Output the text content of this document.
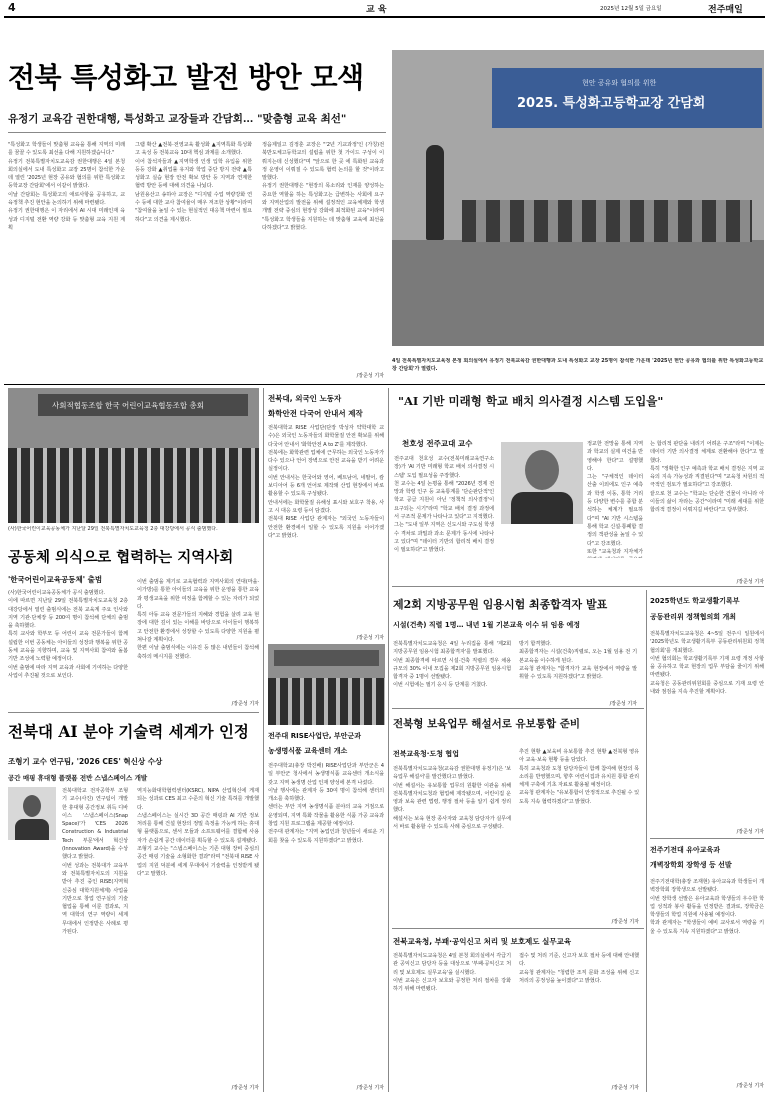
4	교 육	2025년 12월 5일 금요일	전주매일
전북 특성화고 발전 방안 모색
유정기 교육감 권한대행, 특성화고 교장들과 간담회… "맞춤형 교육 최선"
"특성화고 학생들이 맞춤형 교육을 통해 지역의 미래를 꿈꿀 수 있도록 최선을 다해 지원하겠습니다."
유정기 전북특별자치도교육감 권한대행은 4일 본청 회의실에서 도내 특성화고 교장 25명이 참석한 가운데 열린 '2025년 현장 공유와 협의를 위한 특성화고등학교장 간담회'에서 이같이 밝혔다.
이날 간담회는 특성화고의 애로사항을 공유하고, 교육정책 추진 현안을 논의하기 위해 마련됐다.
유정기 권한대행은 이 자리에서 AI 시대 미래인재 육성과 디지털 전환 역량 강화 등 맞춤형 교육 지원 계획
그램 확산 ▲전북·전영교육 활성화 ▲지역특화 특성화고 육성 등 전북교육 10대 핵심 과제를 소개했다.
이어 참석자들과 ▲지역학생 인생 입학 유입을 위한 등등 강화 ▲취업률 유지와 학업 중단 방지 전략 ▲특성화고 실습 현장 안전 확보 방안 등 지역과 연계한 협력 방안 등에 대해 의견을 나눴다.
남원용산고 송하아 교장은 "디지털 수업 역량강화 연수 등에 대한 교사 참여율이 매우 저조한 상황"이라며 "참여율을 높일 수 있는 현실적인 대응책 마련이 필요하다"고 의견을 제시했다.
정읍제일고 김정훈 교장은 "'2년 기교과정'인 (가칭)전북반도체고등학교의 설립을 위한 첫 가이드 구성이 이뤄지는데 신성했다"며 "앞으로 한 곳 에 특화된 교육과정 운영이 이뤄질 수 있도록 협력 논의를 할 것"이라고 말했다.
유정기 권한대행은 "현장의 목소리와 인재를 양성하는 중요한 역할을 하는 특성화고는 급변하는 사회에 요구와 지역산업의 발전을 위해 설정적인 교육체제와 학생개별 전략 중심의 현장성 강화에 최적화된 교육"이라며 "특성화고 학생들을 지원하는 데 맞춤형 교육에 최선을 다하겠다"고 밝혔다.
/장준성 기자
현안 공유와 협의를 위한
2025. 특성화고등학교장 간담회
4일 전북특별자치도교육청 본청 회의실에서 유정기 전북교육감 권한대행과 도내 특성화고 교장 25명이 참석한 가운데 '2025년 현안 공유와 협의를 위한 특성화고등학교장 간담회'가 열렸다.
사회적협동조합 한국 어린이교육협동조합 총회
(사)한국어린이교육공동체가 지난달 29일 전북특별자치도교육청 2층 대강당에서 공식 출범했다.
공동체 의식으로 협력하는 지역사회
'한국어린이교육공동체' 출범
(사)한국어린이교육공동체가 공식 출범했다.
이에 따르면 지난달 29일 전북특별자치도교육청 2층 대강당에서 열린 출범식에는 전북 교육계 주요 인사와 지역 기관·단체장 등 200여 명이 참석해 단체의 출범을 축하했다.
특히 교사와 학부모 등 어린이 교육 전문가들이 함께 설립한 이번 공동체는 아이들의 성장과 행복을 위한 공동체 교육을 지향하며, 교육 및 지역사회 참여와 돌봄 기반 조성에 노력할 예정이다.
이번 출범에 따라 지역 교육과 사회에 기여하는 다양한 사업이 추진될 것으로 보인다.
이번 출범을 계기로 교육협력과 지역사회의 연대(마을·이가방)를 통한 아이들의 교육을 위한 운영을 통한 교육과 평생교육을 위한 여정을 함께할 수 있는 자리가 되었다.
특히 아동 교육 전문가들의 지혜와 경험을 살려 교육 현장에 대한 깊이 있는 이해를 바탕으로 아이들이 행복하고 안전한 환경에서 성장할 수 있도록 다양한 지원을 펼쳐나갈 계획이다.
한편 이날 출범식에는 이유진 등 많은 내빈들이 참석해 축하의 메시지를 전했다.
/장준성 기자
전북대 AI 분야 기술력 세계가 인정
조형기 교수 연구팀, '2026 CES' 혁신상 수상
공간 매핑 휴대형 플랫폼 전반 스냅스페이스 개발
전북대학교 전자공학부 조형기 교수(사진) 연구팀이 개발한 휴대형 공간정보 취득 디바이스 '스냅스페이스(Snap Space)'가 'CES 2026 Construction & Industrial Tech 부문'에서 혁신상(Innovation Award)을 수상했다고 밝혔다.
이번 성과는 전북대가 교육부와 전북특별자치도의 지원을 받아 추진 중인 RISE(지역혁신중심 대학지원체계) 사업을 기반으로 창업 연구실의 기술 협업을 통해 이룬 결과로, 지역 대학의 연구 역량이 세계 무대에서 인정받은 사례로 평가된다.
역지능화대학협력센터(KSRC), NIPA 산업혁신에 게재되는 성과로 CES 최고 수준의 혁신 기술 특허를 개발했다.
스냅스페이스는 실시간 3D 공간 매핑과 AI 기반 정보 처리를 통해 건설 현장의 정밀 측정을 가능케 하는 휴대형 플랫폼으로, 센서 모듈과 소프트웨어를 결합해 사용자가 손쉽게 공간 데이터를 획득할 수 있도록 설계됐다.
조형기 교수는 "스냅스페이스는 기존 대형 장비 중심의 공간 매핑 기술을 소형화한 결과"라며 "전북대 RISE 사업의 지원 덕분에 세계 무대에서 기술력을 인정받게 됐다"고 말했다.
/장준성 기자
전북대, 외국인 노동자
화학안전 다국어 안내서 제작
전북대학교 RISE 사업단(단장 박성자 약학대학 교수)은 외국인 노동자들의 화학물질 안전 확보를 위해 다국어 안내서 '화학안전 A to Z'를 제작했다.
전북에는 화학관련 업체에 근무하는 외국인 노동자가 다수 있으나 언어 장벽으로 안전 교육을 받기 어려운 실정이다.
이번 안내서는 한국어와 영어, 베트남어, 네팔어, 캄보디아어 등 6개 언어로 제작돼 산업 현장에서 바로 활용할 수 있도록 구성됐다.
안내서에는 화학물질 유해성 표시와 보호구 착용, 사고 시 대응 요령 등이 담겼다.
전북대 RISE 사업단 관계자는 "외국인 노동자들이 안전한 환경에서 일할 수 있도록 지원을 이어가겠다"고 밝혔다.
/장준성 기자
전주대 RISE사업단, 부안군과
농생명식품 교육센터 개소
전주대학교(총장 박진배) RISE사업단과 부안군은 4일 부안군 청사에서 농생명식품 교육센터 개소식을 갖고 지역 농생명 산업 인재 양성에 본격 나섰다.
이날 행사에는 관계자 등 30여 명이 참석해 센터의 개소를 축하했다.
센터는 부안 지역 농생명식품 분야의 교육 거점으로 운영되며, 지역 특화 작물을 활용한 식품 가공 교육과 창업 지원 프로그램을 제공할 예정이다.
전주대 관계자는 "지역 농업인과 청년들이 새로운 기회를 찾을 수 있도록 지원하겠다"고 밝혔다.
/장준성 기자
"AI 기반 미래형 학교 배치 의사결정 시스템 도입을"
천호성 전주교대 교수
전주교대 천호성 교수(전북미래교육연구소장)가 'AI 기반 미래형 학교 배치 의사결정 시스템' 도입 필요성을 주장했다.
천 교수는 4일 논평을 통해 "2026년 경제 전망과 학령 인구 등 교육통계를 '단순판단적'인 학교 공급 지원이 아닌 '정책적 의사결정'이 요구되는 시기"라며 "학교 배치 결정 과정에서 구조적 문제가 나타나고 있다"고 지적했다.
그는 "도내 일부 지역은 신도시와 구도심 학생 수 격차로 과밀과 과소 문제가 동시에 나타나고 있다"며 "데이터 기반의 합리적 배치 결정이 필요하다"고 밝혔다.
정교한 전망을 통해 지역과 학교의 실제 여건을 반영해야 한다"고 설명했다.
그는 "구체적인 데이터 산출 이외에도 인구 예측과 학생 이동, 통학 거리 등 다양한 변수를 종합 분석하는 체계가 필요하다"며 "AI 기반 시스템을 통해 학교 신설·통폐합 결정의 객관성을 높일 수 있다"고 강조했다.
또한 "교육청과 지자체가
는 합리적 판단을 내리기 어려운 구조"라며 "이제는 데이터 기반 의사결정 체계로 전환해야 한다"고 말했다.
특히 "정확한 인구 예측과 학교 배치 결정은 지역 교육의 지속 가능성과 직결된다"며 "교육청 차원의 적극적인 검토가 필요하다"고 강조했다.
끝으로 천 교수는 "학교는 단순한 건물이 아니라 아이들의 삶이 자라는 공간"이라며 "미래 세대를 위한 합리적 결정이 이뤄지길 바란다"고 당부했다.
/장준성 기자
제2회 지방공무원 임용시험 최종합격자 발표
시설(건축) 직렬 1명… 내년 1월 기본교육 이수 뒤 임용 예정
전북특별자치도교육청은 4일 누리집을 통해 '제2회 지방공무원 임용시험 최종합격자'를 발표했다.
이번 최종합격에 따르면 시설·건축 직렬의 경우 채용 규모의 30% 이내 모집을 제2회 지방공무원 임용시험 합격자 중 1명이 선발됐다.
이번 시험에는 필기 응시 등 단계를 거쳤다.
방기 합격했다.
최종합격자는 시설(건축)직렬로, 오는 1월 임용 전 기본교육을 이수하게 된다.
교육청 관계자는 "합격자가 교육 현장에서 역량을 발휘할 수 있도록 지원하겠다"고 밝혔다.
/장준성 기자
전북형 보육업무 해설서로 유보통합 준비
전북교육청·도청 협업
전북특별자치도교육청(교육감 권한대행 유정기)은 '보육업무 해설서'를 발간했다고 밝혔다.
이번 해설서는 유보통합 업무의 원활한 이관을 위해 전북특별자치도청과 협업해 제작됐으며, 어린이집 운영과 보육 관련 법령, 행정 절차 등을 알기 쉽게 정리했다.
해설서는 보육 현장 종사자와 교육청 담당자가 실무에서 바로 활용할 수 있도록 사례 중심으로 구성됐다.
추진 현황 ▲보육비 유보통합 추진 현황 ▲전북형 영유아 교육·보육 현황 등을 담았다.
특히 교육청과 도청 담당자들이 함께 참여해 현장의 목소리를 반영했으며, 향후 어린이집과 유치원 통합 관리 체계 구축에 기초 자료로 활용될 예정이다.
교육청 관계자는 "유보통합이 안정적으로 추진될 수 있도록 지속 협력하겠다"고 밝혔다.
/장준성 기자
전북교육청, 부패·공익신고 처리 및 보호제도 실무교육
전북특별자치도교육청은 4일 본청 회의실에서 각급기관 공익신고 담당자 등을 대상으로 '부패·공익신고 처리 및 보호제도 실무교육'을 실시했다.
이번 교육은 신고자 보호와 공정한 처리 절차를 강화하기 위해 마련됐다.
접수 및 처리 기준, 신고자 보호 절차 등에 대해 안내했다.
교육청 관계자는 "청렴한 조직 문화 조성을 위해 신고 처리의 공정성을 높이겠다"고 밝혔다.
/장준성 기자
2025학년도 학교생활기록부
공동관리위 정책협의회 개최
전북특별자치도교육청은 4~5일 전주시 일원에서 '2025학년도 학교생활기록부 공동관리위원회 정책협의회'를 개최했다.
이번 협의회는 학교생활기록부 기재 요령 개정 사항을 공유하고 학교 현장의 업무 부담을 줄이기 위해 마련됐다.
교육청은 공동관리위원회를 중심으로 기재 요령 안내와 점검을 지속 추진할 계획이다.
/장준성 기자
전주기전대 유아교육과
개벽장학회 장학생 등 선발
전주기전대학(총장 조재현) 유아교육과 학생들이 개벽장학회 장학생으로 선발됐다.
이번 장학생 선발은 유아교육과 학생들의 우수한 학업 성적과 봉사 활동을 인정받은 결과로, 장학금은 학생들의 학업 지원에 사용될 예정이다.
학과 관계자는 "학생들이 예비 교사로서 역량을 키울 수 있도록 지속 지원하겠다"고 밝혔다.
/장준성 기자
